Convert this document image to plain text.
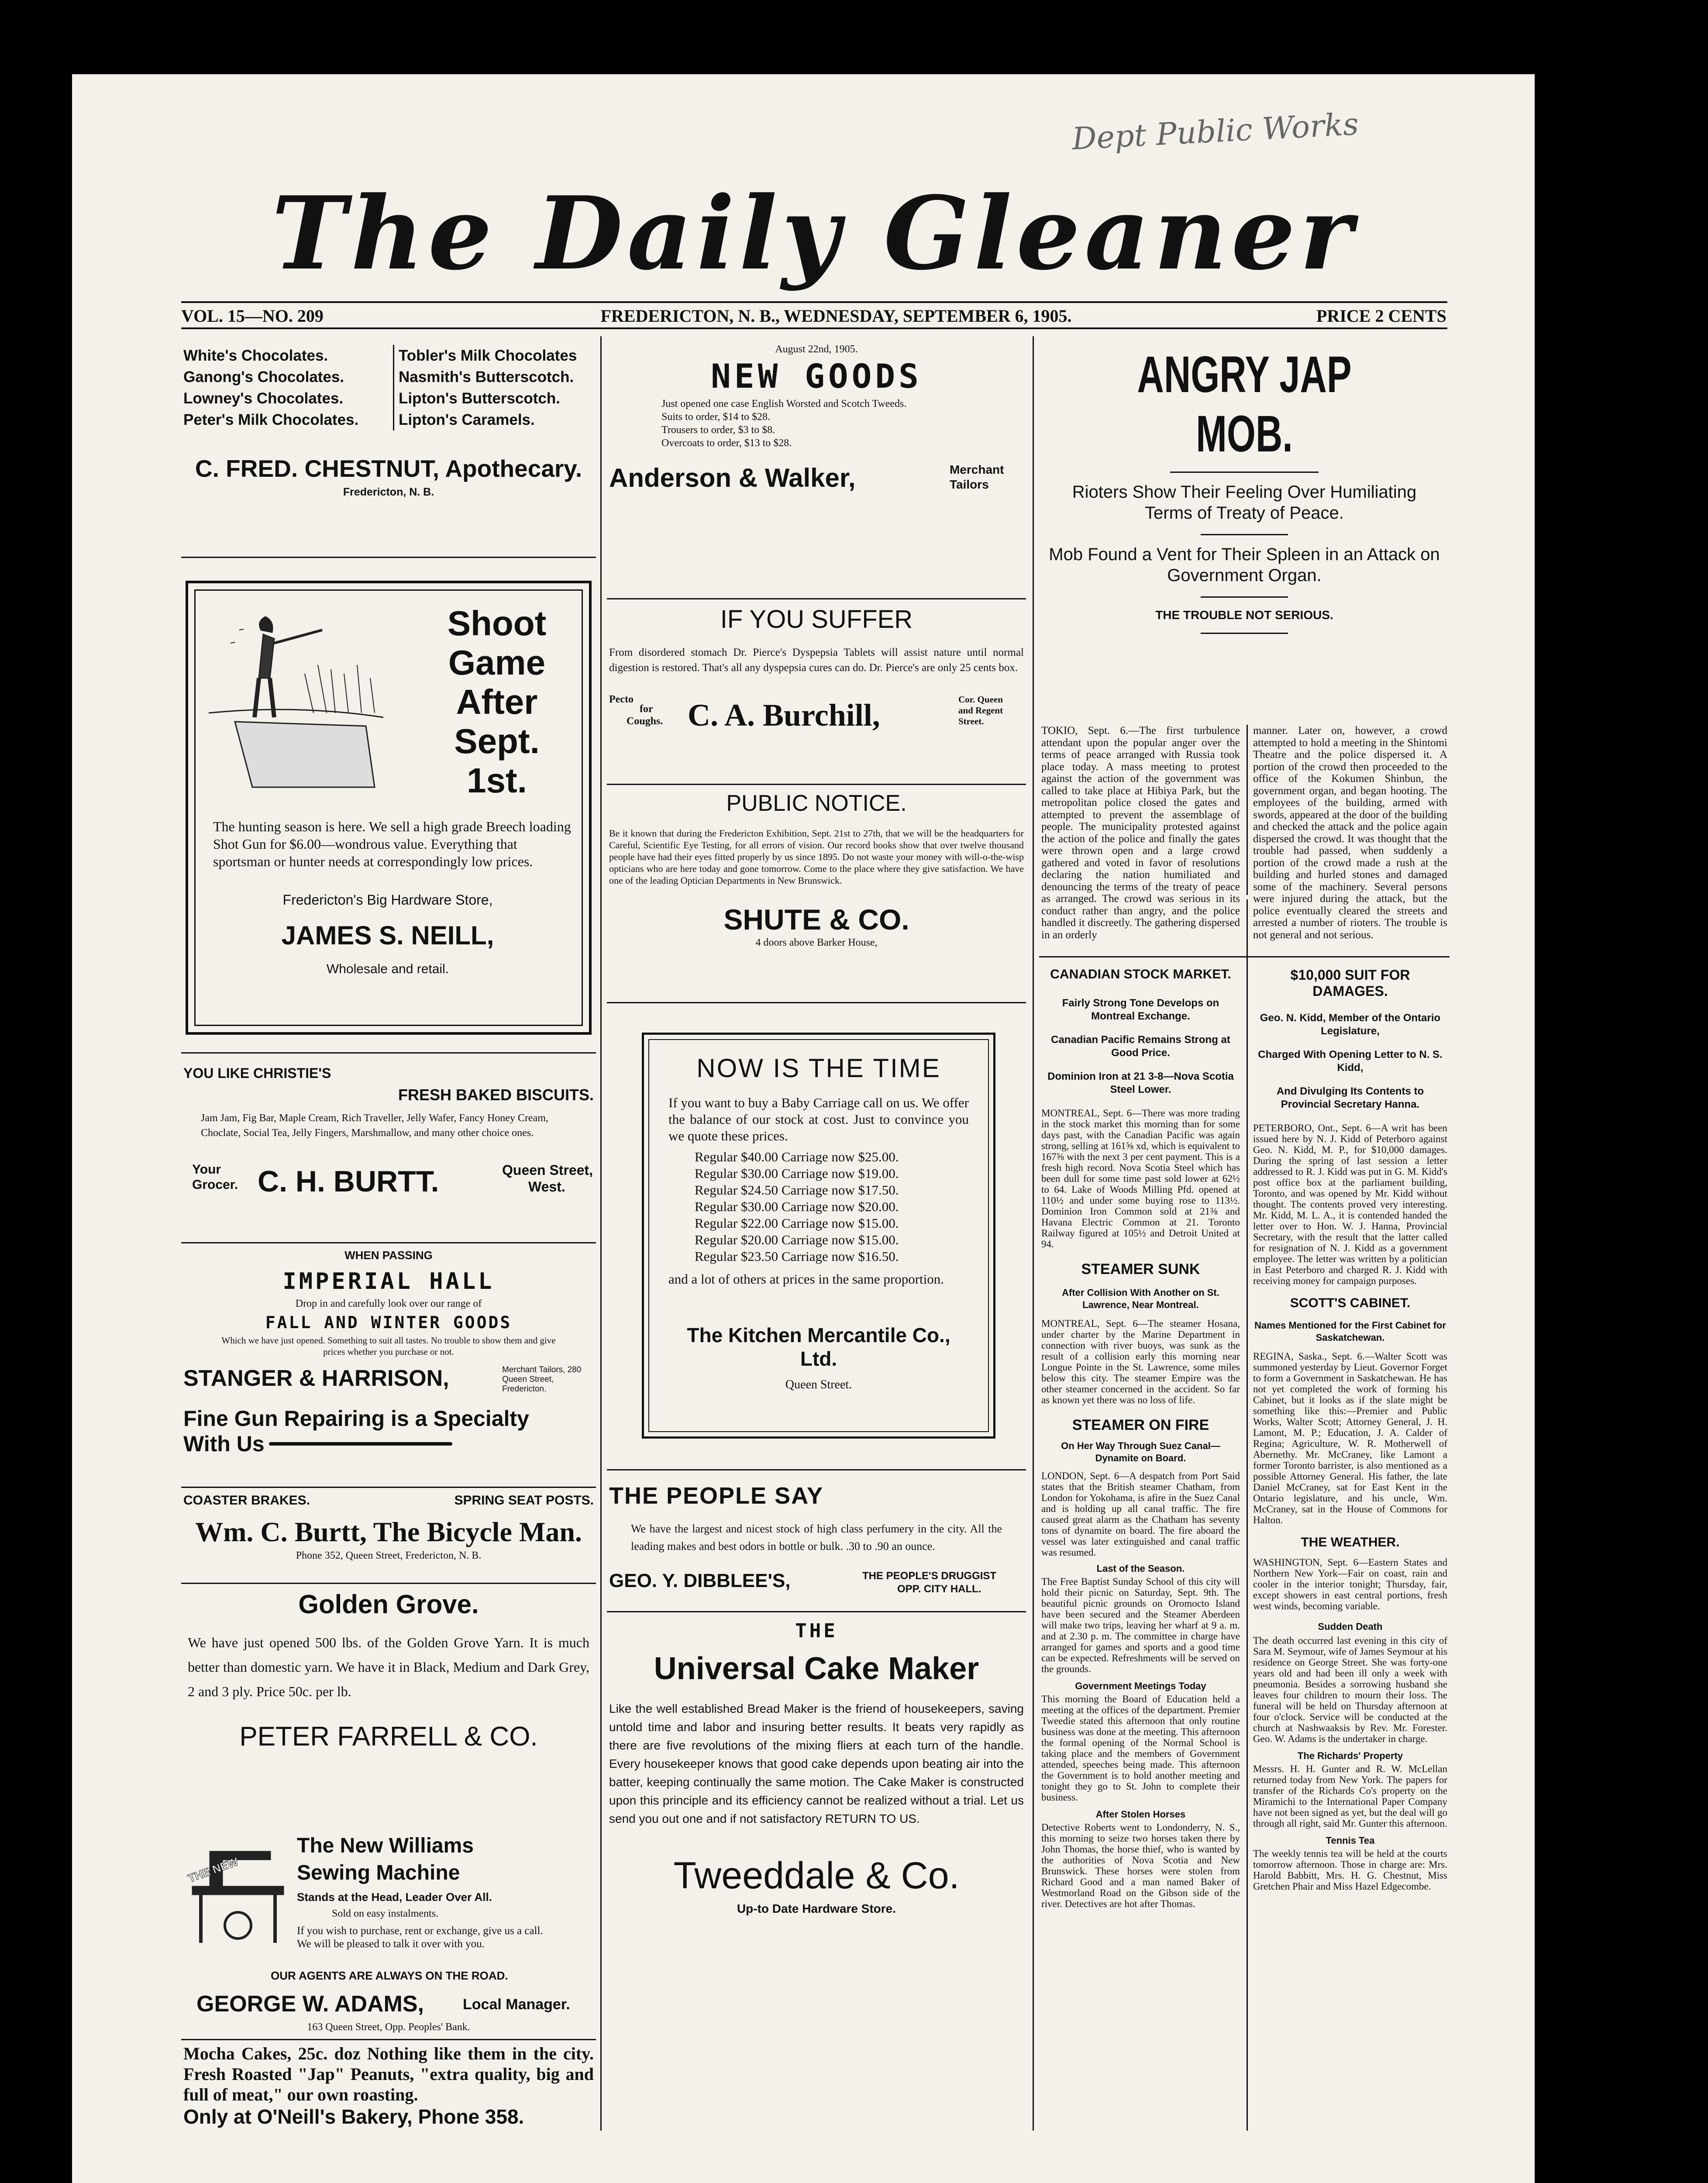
Dept Public Works
The Daily Gleaner
VOL. 15—NO. 209	FREDERICTON, N. B., WEDNESDAY, SEPTEMBER 6, 1905.	PRICE 2 CENTS
White's Chocolates.
Ganong's Chocolates.
Lowney's Chocolates.
Peter's Milk Chocolates.
Tobler's Milk Chocolates
Nasmith's Butterscotch.
Lipton's Butterscotch.
Lipton's Caramels.
C. FRED. CHESTNUT, Apothecary.
Fredericton, N. B.
Shoot
Game
After
Sept.
1st.
The hunting season is here. We sell a high grade Breech loading Shot Gun for $6.00—wondrous value. Everything that sportsman or hunter needs at correspondingly low prices.
Fredericton's Big Hardware Store,
JAMES S. NEILL,
Wholesale and retail.
YOU LIKE CHRISTIE'S
FRESH BAKED BISCUITS.
Jam Jam, Fig Bar, Maple Cream, Rich Traveller, Jelly Wafer, Fancy Honey Cream, Choclate, Social Tea, Jelly Fingers, Marshmallow, and many other choice ones.
Your
Grocer. C. H. BURTT.	Queen Street,
West.
WHEN PASSING
IMPERIAL HALL
Drop in and carefully look over our range of
FALL AND WINTER GOODS
Which we have just opened. Something to suit all tastes. No trouble to show them and give prices whether you purchase or not.
STANGER & HARRISON,	Merchant Tailors, 280 Queen Street, Fredericton.
Fine Gun Repairing is a Specialty
With Us
COASTER BRAKES.	SPRING SEAT POSTS.
Wm. C. Burtt, The Bicycle Man.
Phone 352, Queen Street, Fredericton, N. B.
Golden Grove.
We have just opened 500 lbs. of the Golden Grove Yarn. It is much better than domestic yarn. We have it in Black, Medium and Dark Grey, 2 and 3 ply. Price 50c. per lb.
PETER FARRELL & CO.
THE NEW
The New Williams
Sewing Machine
Stands at the Head, Leader Over All.
Sold on easy instalments.
If you wish to purchase, rent or exchange, give us a call. We will be pleased to talk it over with you.
OUR AGENTS ARE ALWAYS ON THE ROAD.
GEORGE W. ADAMS,	Local Manager.
163 Queen Street, Opp. Peoples' Bank.
Mocha Cakes, 25c. doz Nothing like them in the city. Fresh Roasted "Jap" Peanuts, "extra quality, big and full of meat," our own roasting.
Only at O'Neill's Bakery, Phone 358.
August 22nd, 1905.
NEW GOODS
Just opened one case English Worsted and Scotch Tweeds.
Suits to order, $14 to $28.
Trousers to order, $3 to $8.
Overcoats to order, $13 to $28.
Anderson & Walker,	Merchant
Tailors
IF YOU SUFFER
From disordered stomach Dr. Pierce's Dyspepsia Tablets will assist nature until normal digestion is restored. That's all any dyspepsia cures can do. Dr. Pierce's are only 25 cents box.
Pecto
for
Coughs. C. A. Burchill,	Cor. Queen
and Regent
Street.
PUBLIC NOTICE.
Be it known that during the Fredericton Exhibition, Sept. 21st to 27th, that we will be the headquarters for Careful, Scientific Eye Testing, for all errors of vision. Our record books show that over twelve thousand people have had their eyes fitted properly by us since 1895. Do not waste your money with will-o-the-wisp opticians who are here today and gone tomorrow. Come to the place where they give satisfaction. We have one of the leading Optician Departments in New Brunswick.
SHUTE & CO.
4 doors above Barker House,
NOW IS THE TIME
If you want to buy a Baby Carriage call on us. We offer the balance of our stock at cost. Just to convince you we quote these prices.
Regular $40.00 Carriage now $25.00.
Regular $30.00 Carriage now $19.00.
Regular $24.50 Carriage now $17.50.
Regular $30.00 Carriage now $20.00.
Regular $22.00 Carriage now $15.00.
Regular $20.00 Carriage now $15.00.
Regular $23.50 Carriage now $16.50.
and a lot of others at prices in the same proportion.
The Kitchen Mercantile Co., Ltd.
Queen Street.
THE PEOPLE SAY
We have the largest and nicest stock of high class perfumery in the city. All the leading makes and best odors in bottle or bulk. .30 to .90 an ounce.
GEO. Y. DIBBLEE'S,	THE PEOPLE'S DRUGGIST
OPP. CITY HALL.
THE
Universal Cake Maker
Like the well established Bread Maker is the friend of housekeepers, saving untold time and labor and insuring better results. It beats very rapidly as there are five revolutions of the mixing fliers at each turn of the handle. Every housekeeper knows that good cake depends upon beating air into the batter, keeping continually the same motion. The Cake Maker is constructed upon this principle and its efficiency cannot be realized without a trial. Let us send you out one and if not satisfactory RETURN TO US.
Tweeddale & Co.
Up-to Date Hardware Store.
ANGRY JAP MOB.
Rioters Show Their Feeling Over Humiliating Terms of Treaty of Peace.
Mob Found a Vent for Their Spleen in an Attack on Government Organ.
THE TROUBLE NOT SERIOUS.
TOKIO, Sept. 6.—The first turbulence attendant upon the popular anger over the terms of peace arranged with Russia took place today. A mass meeting to protest against the action of the government was called to take place at Hibiya Park, but the metropolitan police closed the gates and attempted to prevent the assemblage of people. The municipality protested against the action of the police and finally the gates were thrown open and a large crowd gathered and voted in favor of resolutions declaring the nation humiliated and denouncing the terms of the treaty of peace as arranged. The crowd was serious in its conduct rather than angry, and the police handled it discreetly. The gathering dispersed in an orderly
manner. Later on, however, a crowd attempted to hold a meeting in the Shintomi Theatre and the police dispersed it. A portion of the crowd then proceeded to the office of the Kokumen Shinbun, the government organ, and began hooting. The employees of the building, armed with swords, appeared at the door of the building and checked the attack and the police again dispersed the crowd. It was thought that the trouble had passed, when suddenly a portion of the crowd made a rush at the building and hurled stones and damaged some of the machinery. Several persons were injured during the attack, but the police eventually cleared the streets and arrested a number of rioters. The trouble is not general and not serious.
CANADIAN STOCK MARKET.
Fairly Strong Tone Develops on Montreal Exchange.
Canadian Pacific Remains Strong at Good Price.
Dominion Iron at 21 3-8—Nova Scotia Steel Lower.
MONTREAL, Sept. 6—There was more trading in the stock market this morning than for some days past, with the Canadian Pacific was again strong, selling at 161⅝ xd, which is equivalent to 167⅝ with the next 3 per cent payment. This is a fresh high record. Nova Scotia Steel which has been dull for some time past sold lower at 62½ to 64. Lake of Woods Milling Pfd. opened at 110½ and under some buying rose to 113½. Dominion Iron Common sold at 21⅜ and Havana Electric Common at 21. Toronto Railway figured at 105½ and Detroit United at 94.
STEAMER SUNK
After Collision With Another on St. Lawrence, Near Montreal.
MONTREAL, Sept. 6—The steamer Hosana, under charter by the Marine Department in connection with river buoys, was sunk as the result of a collision early this morning near Longue Pointe in the St. Lawrence, some miles below this city. The steamer Empire was the other steamer concerned in the accident. So far as known yet there was no loss of life.
STEAMER ON FIRE
On Her Way Through Suez Canal—Dynamite on Board.
LONDON, Sept. 6—A despatch from Port Said states that the British steamer Chatham, from London for Yokohama, is afire in the Suez Canal and is holding up all canal traffic. The fire caused great alarm as the Chatham has seventy tons of dynamite on board. The fire aboard the vessel was later extinguished and canal traffic was resumed.
Last of the Season.
The Free Baptist Sunday School of this city will hold their picnic on Saturday, Sept. 9th. The beautiful picnic grounds on Oromocto Island have been secured and the Steamer Aberdeen will make two trips, leaving her wharf at 9 a. m. and at 2.30 p. m. The committee in charge have arranged for games and sports and a good time can be expected. Refreshments will be served on the grounds.
Government Meetings Today
This morning the Board of Education held a meeting at the offices of the department. Premier Tweedie stated this afternoon that only routine business was done at the meeting. This afternoon the formal opening of the Normal School is taking place and the members of Government attended, speeches being made. This afternoon the Government is to hold another meeting and tonight they go to St. John to complete their business.
After Stolen Horses
Detective Roberts went to Londonderry, N. S., this morning to seize two horses taken there by John Thomas, the horse thief, who is wanted by the authorities of Nova Scotia and New Brunswick. These horses were stolen from Richard Good and a man named Baker of Westmorland Road on the Gibson side of the river. Detectives are hot after Thomas.
$10,000 SUIT FOR DAMAGES.
Geo. N. Kidd, Member of the Ontario Legislature,
Charged With Opening Letter to N. S. Kidd,
And Divulging Its Contents to Provincial Secretary Hanna.
PETERBORO, Ont., Sept. 6—A writ has been issued here by N. J. Kidd of Peterboro against Geo. N. Kidd, M. P., for $10,000 damages. During the spring of last session a letter addressed to R. J. Kidd was put in G. M. Kidd's post office box at the parliament building, Toronto, and was opened by Mr. Kidd without thought. The contents proved very interesting. Mr. Kidd, M. L. A., it is contended handed the letter over to Hon. W. J. Hanna, Provincial Secretary, with the result that the latter called for resignation of N. J. Kidd as a government employee. The letter was written by a politician in East Peterboro and charged R. J. Kidd with receiving money for campaign purposes.
SCOTT'S CABINET.
Names Mentioned for the First Cabinet for Saskatchewan.
REGINA, Saska., Sept. 6.—Walter Scott was summoned yesterday by Lieut. Governor Forget to form a Government in Saskatchewan. He has not yet completed the work of forming his Cabinet, but it looks as if the slate might be something like this:—Premier and Public Works, Walter Scott; Attorney General, J. H. Lamont, M. P.; Education, J. A. Calder of Regina; Agriculture, W. R. Motherwell of Abernethy. Mr. McCraney, like Lamont a former Toronto barrister, is also mentioned as a possible Attorney General. His father, the late Daniel McCraney, sat for East Kent in the Ontario legislature, and his uncle, Wm. McCraney, sat in the House of Commons for Halton.
THE WEATHER.
WASHINGTON, Sept. 6—Eastern States and Northern New York—Fair on coast, rain and cooler in the interior tonight; Thursday, fair, except showers in east central portions, fresh west winds, becoming variable.
Sudden Death
The death occurred last evening in this city of Sara M. Seymour, wife of James Seymour at his residence on George Street. She was forty-one years old and had been ill only a week with pneumonia. Besides a sorrowing husband she leaves four children to mourn their loss. The funeral will be held on Thursday afternoon at four o'clock. Service will be conducted at the church at Nashwaaksis by Rev. Mr. Forester. Geo. W. Adams is the undertaker in charge.
The Richards' Property
Messrs. H. H. Gunter and R. W. McLellan returned today from New York. The papers for transfer of the Richards Co's property on the Miramichi to the International Paper Company have not been signed as yet, but the deal will go through all right, said Mr. Gunter this afternoon.
Tennis Tea
The weekly tennis tea will be held at the courts tomorrow afternoon. Those in charge are: Mrs. Harold Babbitt, Mrs. H. G. Chestnut, Miss Gretchen Phair and Miss Hazel Edgecombe.
